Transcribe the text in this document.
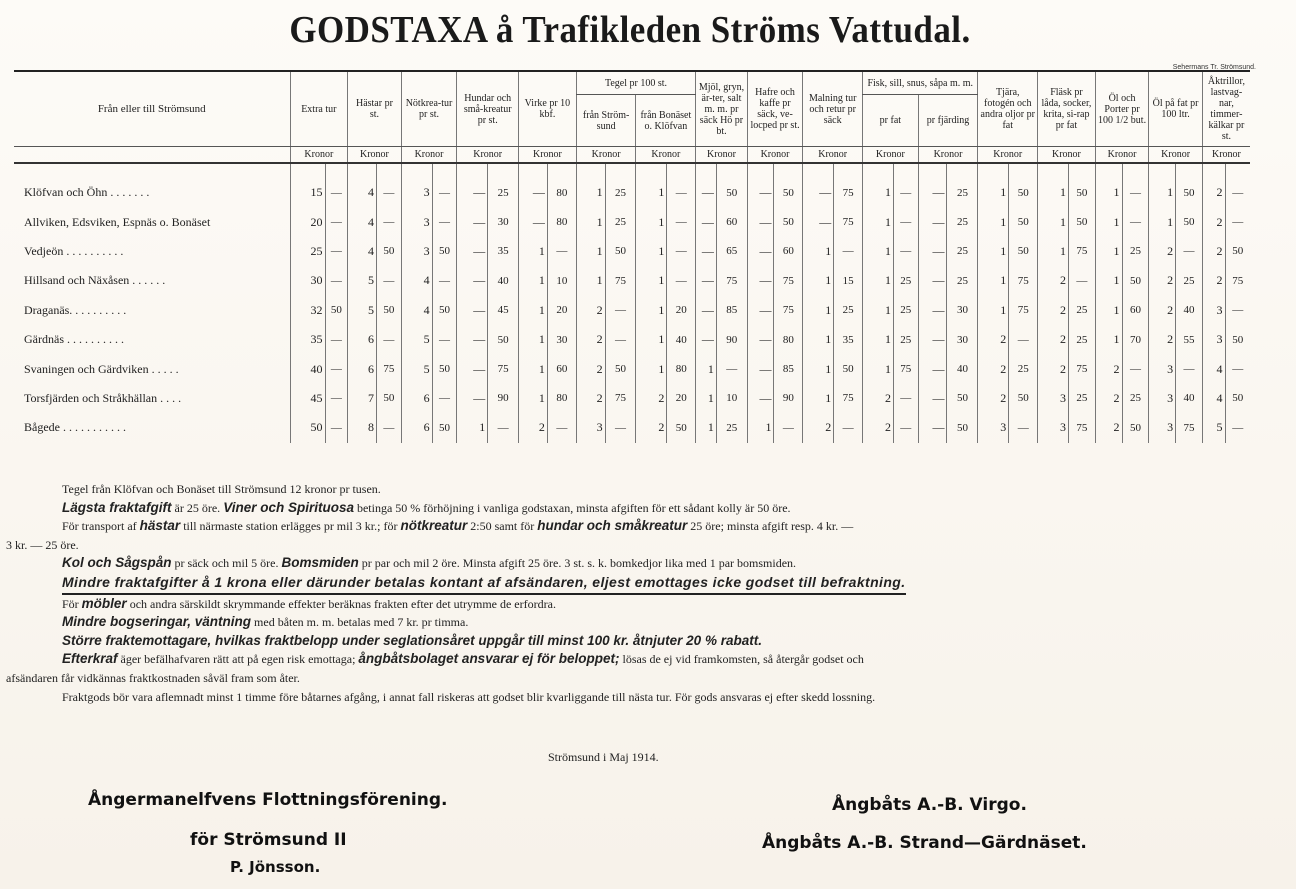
GODSTAXA å Trafikleden Ströms Vattudal.
Sehermans Tr. Strömsund.
Från eller till Strömsund	Extra tur		Hästar pr st.		Nötkrea-tur pr st.		Hundar och små-kreatur pr st.		Virke pr 10 kbf.		Tegel pr 100 st.				Mjöl, gryn, är-ter, salt m. m. pr säck Hö pr bt.		Hafre och kaffe pr säck, ve-locped pr st.		Malning tur och retur pr säck		Fisk, sill, snus, såpa m. m.				Tjära, fotogén och andra oljor pr fat		Fläsk pr låda, socker, krita, si-rap pr fat		Öl och Porter pr 100 1/2 but.		Öl på fat pr 100 ltr.		Åktrillor, lastvag-nar, timmer-kälkar pr st.	
											från Ström-sund		från Bonäset o. Klöfvan								pr fat		pr fjärding											
	Kronor		Kronor		Kronor		Kronor		Kronor		Kronor		Kronor		Kronor		Kronor		Kronor		Kronor		Kronor		Kronor		Kronor		Kronor		Kronor		Kronor	
Klöfvan och Öhn . . . . . . .	15	—	4	—	3	—	—	25	—	80	1	25	1	—	—	50	—	50	—	75	1	—	—	25	1	50	1	50	1	—	1	50	2	—
Allviken, Edsviken, Espnäs o. Bonäset	20	—	4	—	3	—	—	30	—	80	1	25	1	—	—	60	—	50	—	75	1	—	—	25	1	50	1	50	1	—	1	50	2	—
Vedjeön . . . . . . . . . .	25	—	4	50	3	50	—	35	1	—	1	50	1	—	—	65	—	60	1	—	1	—	—	25	1	50	1	75	1	25	2	—	2	50
Hillsand och Näxåsen . . . . . .	30	—	5	—	4	—	—	40	1	10	1	75	1	—	—	75	—	75	1	15	1	25	—	25	1	75	2	—	1	50	2	25	2	75
Draganäs. . . . . . . . . .	32	50	5	50	4	50	—	45	1	20	2	—	1	20	—	85	—	75	1	25	1	25	—	30	1	75	2	25	1	60	2	40	3	—
Gärdnäs . . . . . . . . . .	35	—	6	—	5	—	—	50	1	30	2	—	1	40	—	90	—	80	1	35	1	25	—	30	2	—	2	25	1	70	2	55	3	50
Svaningen och Gärdviken . . . . .	40	—	6	75	5	50	—	75	1	60	2	50	1	80	1	—	—	85	1	50	1	75	—	40	2	25	2	75	2	—	3	—	4	—
Torsfjärden och Stråkhällan . . . .	45	—	7	50	6	—	—	90	1	80	2	75	2	20	1	10	—	90	1	75	2	—	—	50	2	50	3	25	2	25	3	40	4	50
Bågede . . . . . . . . . . .	50	—	8	—	6	50	1	—	2	—	3	—	2	50	1	25	1	—	2	—	2	—	—	50	3	—	3	75	2	50	3	75	5	—

Tegel från Klöfvan och Bonäset till Strömsund 12 kronor pr tusen.

Lägsta fraktafgift är 25 öre. Viner och Spirituosa betinga 50 % förhöjning i vanliga godstaxan, minsta afgiften för ett sådant kolly är 50 öre.

För transport af hästar till närmaste station erlägges pr mil 3 kr.; för nötkreatur 2:50 samt för hundar och småkreatur 25 öre; minsta afgift resp. 4 kr. —

3 kr. — 25 öre.

Kol och Sågspån pr säck och mil 5 öre. Bomsmiden pr par och mil 2 öre. Minsta afgift 25 öre. 3 st. s. k. bomkedjor lika med 1 par bomsmiden.

Mindre fraktafgifter å 1 krona eller därunder betalas kontant af afsändaren, eljest emottages icke godset till befraktning.

För möbler och andra särskildt skrymmande effekter beräknas frakten efter det utrymme de erfordra.

Mindre bogseringar, väntning med båten m. m. betalas med 7 kr. pr timma.

Större fraktemottagare, hvilkas fraktbelopp under seglationsåret uppgår till minst 100 kr. åtnjuter 20 % rabatt.

Efterkraf äger befälhafvaren rätt att på egen risk emottaga; ångbåtsbolaget ansvarar ej för beloppet; lösas de ej vid framkomsten, så återgår godset och

afsändaren får vidkännas fraktkostnaden såväl fram som åter.

Fraktgods bör vara aflemnadt minst 1 timme före båtarnes afgång, i annat fall riskeras att godset blir kvarliggande till nästa tur. För gods ansvaras ej efter skedd lossning.

Strömsund i Maj 1914.
Ångermanelfvens Flottningsförening.
för Strömsund II
P. Jönsson.
Ångbåts A.-B. Virgo.
Ångbåts A.-B. Strand—Gärdnäset.
